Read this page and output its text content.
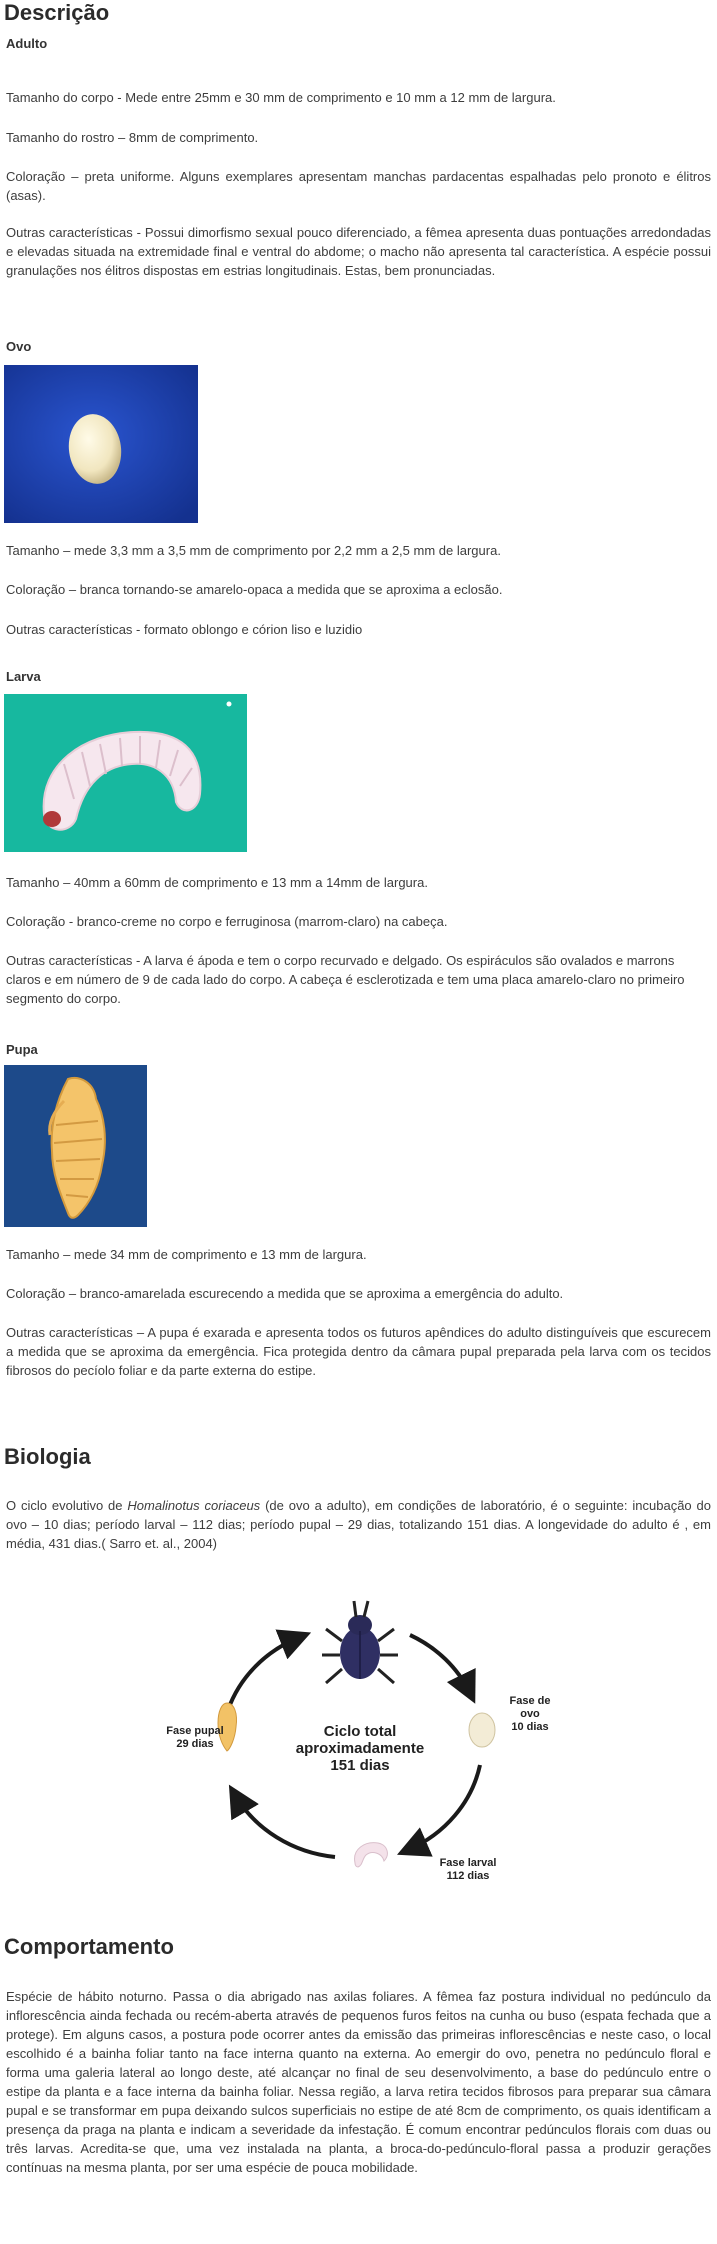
Descrição
Adulto

Tamanho do corpo - Mede entre 25mm e 30 mm de comprimento e 10 mm a 12 mm de largura.

Tamanho do rostro – 8mm de comprimento.

Coloração – preta uniforme. Alguns exemplares apresentam manchas pardacentas espalhadas pelo pronoto e élitros (asas).

Outras características - Possui dimorfismo sexual pouco diferenciado, a fêmea apresenta duas pontuações arredondadas e elevadas situada na extremidade final e ventral do abdome; o macho não apresenta tal característica. A espécie possui granulações nos élitros dispostas em estrias longitudinais. Estas, bem pronunciadas.

Ovo

Tamanho – mede 3,3 mm a 3,5 mm de comprimento por 2,2 mm a 2,5 mm de largura.

Coloração – branca tornando-se amarelo-opaca a medida que se aproxima a eclosão.

Outras características - formato oblongo e córion liso e luzidio

Larva

Tamanho – 40mm a 60mm de comprimento e 13 mm a 14mm de largura.

Coloração - branco-creme no corpo e ferruginosa (marrom-claro) na cabeça.

Outras características - A larva é ápoda e tem o corpo recurvado e delgado. Os espiráculos são ovalados e marrons claros e em número de 9 de cada lado do corpo. A cabeça é esclerotizada e tem uma placa amarelo-claro no primeiro segmento do corpo.

Pupa

Tamanho – mede 34 mm de comprimento e 13 mm de largura.

Coloração – branco-amarelada escurecendo a medida que se aproxima a emergência do adulto.

Outras características – A pupa é exarada e apresenta todos os futuros apêndices do adulto distinguíveis que escurecem a medida que se aproxima da emergência. Fica protegida dentro da câmara pupal preparada pela larva com os tecidos fibrosos do pecíolo foliar e da parte externa do estipe.

Biologia

O ciclo evolutivo de Homalinotus coriaceus (de ovo a adulto), em condições de laboratório, é o seguinte: incubação do ovo – 10 dias; período larval – 112 dias; período pupal – 29 dias, totalizando 151 dias. A longevidade do adulto é , em média, 431 dias.( Sarro et. al., 2004)

Ciclo total
aproximadamente
151 dias
Fase de
ovo
10 dias
Fase larval
112 dias
Fase pupal
29 dias
Comportamento

Espécie de hábito noturno. Passa o dia abrigado nas axilas foliares. A fêmea faz postura individual no pedúnculo da inflorescência ainda fechada ou recém-aberta através de pequenos furos feitos na cunha ou buso (espata fechada que a protege). Em alguns casos, a postura pode ocorrer antes da emissão das primeiras inflorescências e neste caso, o local escolhido é a bainha foliar tanto na face interna quanto na externa. Ao emergir do ovo, penetra no pedúnculo floral e forma uma galeria lateral ao longo deste, até alcançar no final de seu desenvolvimento, a base do pedúnculo entre o estipe da planta e a face interna da bainha foliar. Nessa região, a larva retira tecidos fibrosos para preparar sua câmara pupal e se transformar em pupa deixando sulcos superficiais no estipe de até 8cm de comprimento, os quais identificam a presença da praga na planta e indicam a severidade da infestação. É comum encontrar pedúnculos florais com duas ou três larvas. Acredita-se que, uma vez instalada na planta, a broca-do-pedúnculo-floral passa a produzir gerações contínuas na mesma planta, por ser uma espécie de pouca mobilidade.
